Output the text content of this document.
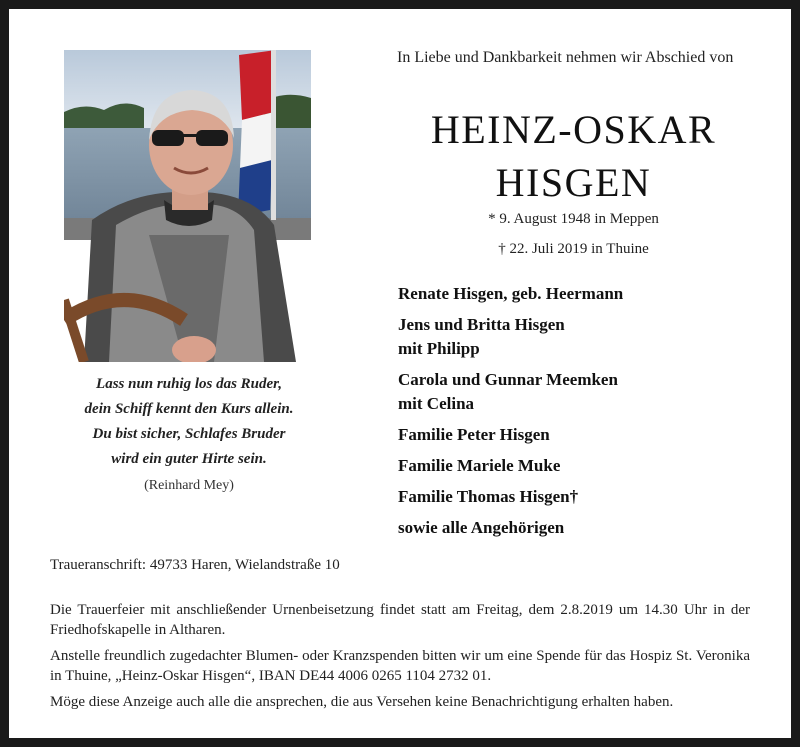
Lass nun ruhig los das Ruder,
dein Schiff kennt den Kurs allein.
Du bist sicher, Schlafes Bruder
wird ein guter Hirte sein.
(Reinhard Mey)
In Liebe und Dankbarkeit nehmen wir Abschied von
HEINZ-OSKAR
HISGEN
* 9. August 1948 in Meppen
† 22. Juli 2019 in Thuine
Renate Hisgen, geb. Heermann
Jens und Britta Hisgen
mit Philipp
Carola und Gunnar Meemken
mit Celina
Familie Peter Hisgen
Familie Mariele Muke
Familie Thomas Hisgen†
sowie alle Angehörigen
Traueranschrift: 49733 Haren, Wielandstraße 10
Die Trauerfeier mit anschließender Urnenbeisetzung findet statt am Freitag, dem 2.8.2019 um 14.30 Uhr in der Friedhofskapelle in Altharen.
Anstelle freundlich zugedachter Blumen- oder Kranzspenden bitten wir um eine Spende für das Hospiz St. Veronika in Thuine, „Heinz-Oskar Hisgen“, IBAN DE44 4006 0265 1104 2732 01.
Möge diese Anzeige auch alle die ansprechen, die aus Versehen keine Benachrichtigung erhalten haben.
